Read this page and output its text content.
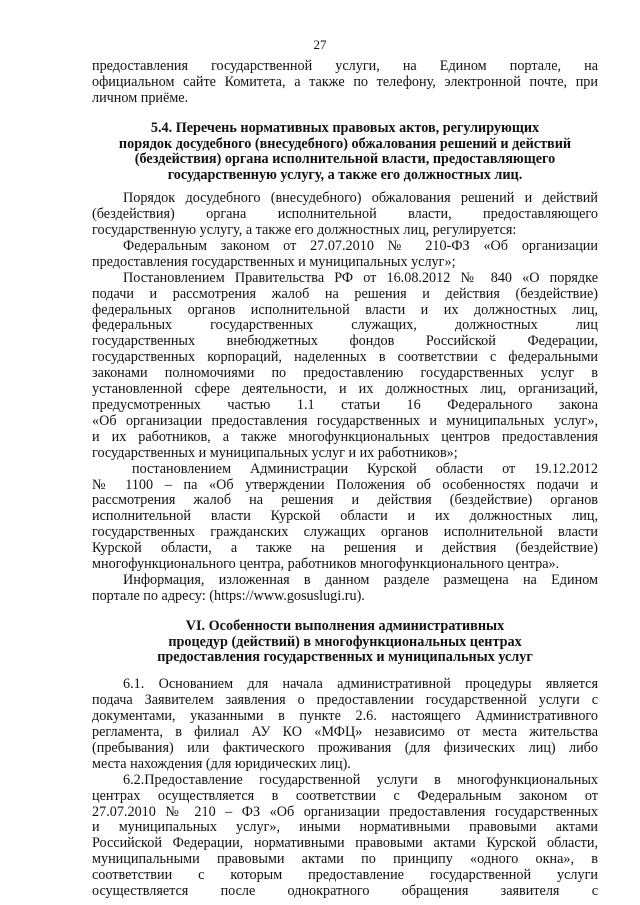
27
предоставления государственной услуги, на Едином портале, на
официальном сайте Комитета, а также по телефону, электронной почте, при
личном приёме.
5.4. Перечень нормативных правовых актов, регулирующих
порядок досудебного (внесудебного) обжалования решений и действий
(бездействия) органа исполнительной власти, предоставляющего
государственную услугу, а также его должностных лиц.
Порядок досудебного (внесудебного) обжалования решений и действий
(бездействия) органа исполнительной власти, предоставляющего
государственную услугу, а также его должностных лиц, регулируется:
Федеральным законом от 27.07.2010 № 210-ФЗ «Об организации
предоставления государственных и муниципальных услуг»;
Постановлением Правительства РФ от 16.08.2012 № 840 «О порядке
подачи и рассмотрения жалоб на решения и действия (бездействие)
федеральных органов исполнительной власти и их должностных лиц,
федеральных государственных служащих, должностных лиц
государственных внебюджетных фондов Российской Федерации,
государственных корпораций, наделенных в соответствии с федеральными
законами полномочиями по предоставлению государственных услуг в
установленной сфере деятельности, и их должностных лиц, организаций,
предусмотренных частью 1.1 статьи 16 Федерального закона
«Об организации предоставления государственных и муниципальных услуг»,
и их работников, а также многофункциональных центров предоставления
государственных и муниципальных услуг и их работников»;
постановлением Администрации Курской области от 19.12.2012
№ 1100 – па «Об утверждении Положения об особенностях подачи и
рассмотрения жалоб на решения и действия (бездействие) органов
исполнительной власти Курской области и их должностных лиц,
государственных гражданских служащих органов исполнительной власти
Курской области, а также на решения и действия (бездействие)
многофункционального центра, работников многофункционального центра».
Информация, изложенная в данном разделе размещена на Едином
портале по адресу: (https://www.gosuslugi.ru).
VI. Особенности выполнения административных
процедур (действий) в многофункциональных центрах
предоставления государственных и муниципальных услуг
6.1. Основанием для начала административной процедуры является
подача Заявителем заявления о предоставлении государственной услуги с
документами, указанными в пункте 2.6. настоящего Административного
регламента, в филиал АУ КО «МФЦ» независимо от места жительства
(пребывания) или фактического проживания (для физических лиц) либо
места нахождения (для юридических лиц).
6.2.Предоставление государственной услуги в многофункциональных
центрах осуществляется в соответствии с Федеральным законом от
27.07.2010 № 210 – ФЗ «Об организации предоставления государственных
и муниципальных услуг», иными нормативными правовыми актами
Российской Федерации, нормативными правовыми актами Курской области,
муниципальными правовыми актами по принципу «одного окна», в
соответствии с которым предоставление государственной услуги
осуществляется после однократного обращения заявителя с
